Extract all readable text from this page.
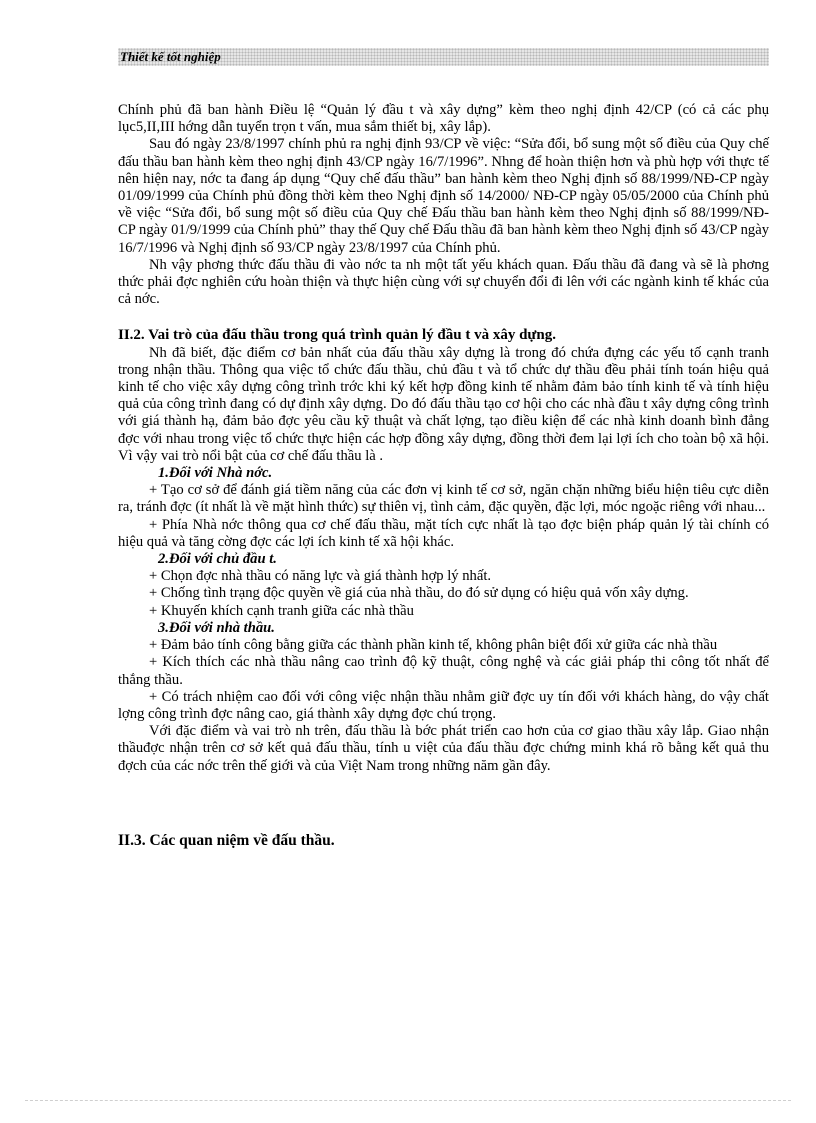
Thiết kế tốt nghiệp

Chính phủ đã ban hành Điều lệ “Quản lý đầu t và xây dựng” kèm theo nghị định 42/CP (có cả các phụ lục5,II,III hớng dẫn tuyển trọn t vấn, mua sắm thiết bị, xây lắp).

Sau đó ngày 23/8/1997 chính phủ ra nghị định 93/CP về việc: “Sửa đổi, bổ sung một số điều của Quy chế đấu thầu ban hành kèm theo nghị định 43/CP ngày 16/7/1996”. Nhng để hoàn thiện hơn và phù hợp với thực tế nên hiện nay, nớc ta đang áp dụng “Quy chế đấu thầu” ban hành kèm theo Nghị định số 88/1999/NĐ-CP ngày 01/09/1999 của Chính phủ đồng thời kèm theo Nghị định số 14/2000/ NĐ-CP ngày 05/05/2000 của Chính phủ về việc “Sửa đổi, bổ sung một số điều của Quy chế Đấu thầu ban hành kèm theo Nghị định số 88/1999/NĐ- CP ngày 01/9/1999 của Chính phủ” thay thế Quy chế Đấu thầu đã ban hành kèm theo Nghị định số 43/CP ngày 16/7/1996 và Nghị định số 93/CP ngày 23/8/1997 của Chính phủ.

Nh vậy phơng thức đấu thầu đi vào nớc ta nh một tất yếu khách quan. Đấu thầu đã đang và sẽ là phơng thức phải đợc nghiên cứu hoàn thiện và thực hiện cùng với sự chuyển đổi đi lên với các ngành kinh tế khác của cả nớc.

II.2. Vai trò của đấu thầu trong quá trình quản lý đầu t và xây dựng.

Nh đã biết, đặc điểm cơ bản nhất của đấu thầu xây dựng là trong đó chứa đựng các yếu tố cạnh tranh trong nhận thầu. Thông qua việc tổ chức đấu thầu, chủ đầu t và tổ chức dự thầu đều phải tính toán hiệu quả kinh tế cho việc xây dựng công trình trớc khi ký kết hợp đồng kinh tế nhằm đảm bảo tính kinh tế và tính hiệu quả của công trình đang có dự định xây dựng. Do đó đấu thầu tạo cơ hội cho các nhà đầu t xây dựng công trình với giá thành hạ, đảm bảo đợc yêu cầu kỹ thuật và chất lợng, tạo điều kiện để các nhà kinh doanh bình đẳng đợc với nhau trong việc tổ chức thực hiện các hợp đồng xây dựng, đồng thời đem lại lợi ích cho toàn bộ xã hội. Vì vậy vai trò nổi bật của cơ chế đấu thầu là .

1.Đối với Nhà nớc.

+ Tạo cơ sở để đánh giá tiềm năng của các đơn vị kinh tế cơ sở, ngăn chặn những biểu hiện tiêu cực diễn ra, tránh đợc (ít nhất là về mặt hình thức) sự thiên vị, tình cảm, đặc quyền, đặc lợi, móc ngoặc riêng với nhau...

+ Phía Nhà nớc thông qua cơ chế đấu thầu, mặt tích cực nhất là tạo đợc biện pháp quản lý tài chính có hiệu quả và tăng cờng đợc các lợi ích kinh tế xã hội khác.

2.Đối với chủ đầu t.

+ Chọn đợc nhà thầu có năng lực và giá thành hợp lý nhất.

+ Chống tình trạng độc quyền về giá của nhà thầu, do đó sử dụng có hiệu quả vốn xây dựng.

+ Khuyến khích cạnh tranh giữa các nhà thầu

3.Đối với nhà thầu.

+ Đảm bảo tính công bằng giữa các thành phần kinh tế, không phân biệt đối xử giữa các nhà thầu

+ Kích thích các nhà thầu nâng cao trình độ kỹ thuật, công nghệ và các giải pháp thi công tốt nhất để thắng thầu.

+ Có trách nhiệm cao đối với công việc nhận thầu nhằm giữ đợc uy tín đối với khách hàng, do vậy chất lợng công trình đợc nâng cao, giá thành xây dựng đợc chú trọng.

Với đặc điểm và vai trò nh trên, đấu thầu là bớc phát triển cao hơn của cơ giao thầu xây lắp. Giao nhận thầuđợc nhận trên cơ sở kết quả đấu thầu, tính u việt của đấu thầu đợc chứng minh khá rõ bằng kết quả thu đợch của các nớc trên thế giới và của Việt Nam trong những năm gần đây.

II.3. Các quan niệm về đấu thầu.
